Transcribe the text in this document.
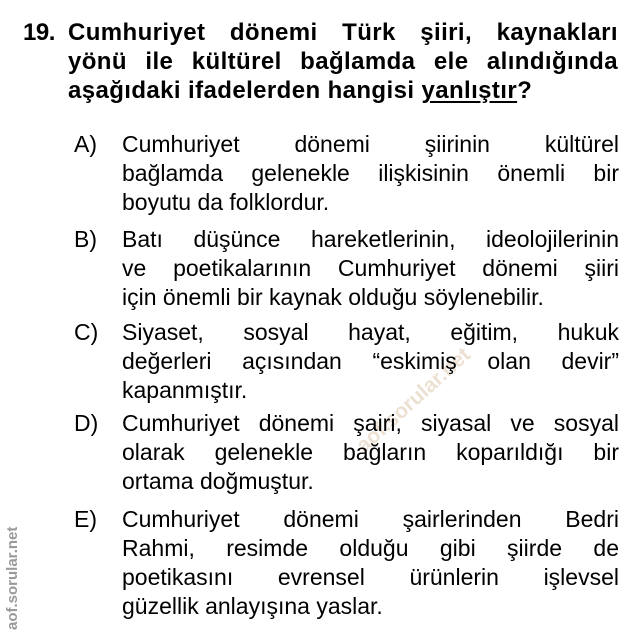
aof.sorular.net
aof.sorular.net
19. Cumhuriyet dönemi Türk şiiri, kaynakları
yönü ile kültürel bağlamda ele alındığında
aşağıdaki ifadelerden hangisi yanlıştır?
A) Cumhuriyet dönemi şiirinin kültürel
bağlamda gelenekle ilişkisinin önemli bir
boyutu da folklordur.
B) Batı düşünce hareketlerinin, ideolojilerinin
ve poetikalarının Cumhuriyet dönemi şiiri
için önemli bir kaynak olduğu söylenebilir.
C) Siyaset, sosyal hayat, eğitim, hukuk
değerleri açısından “eskimiş olan devir”
kapanmıştır.
D) Cumhuriyet dönemi şairi, siyasal ve sosyal
olarak gelenekle bağların koparıldığı bir
ortama doğmuştur.
E) Cumhuriyet dönemi şairlerinden Bedri
Rahmi, resimde olduğu gibi şiirde de
poetikasını evrensel ürünlerin işlevsel
güzellik anlayışına yaslar.
